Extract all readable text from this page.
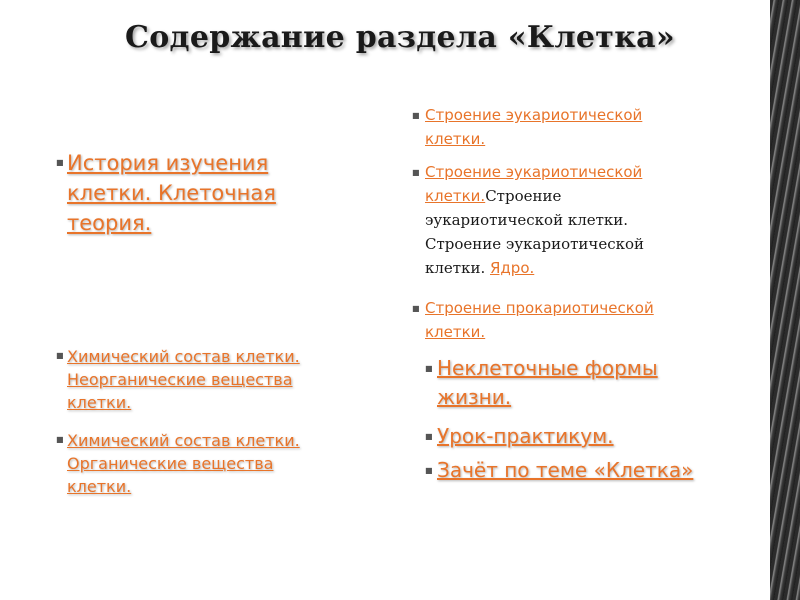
Содержание раздела «Клетка»
■ История изучения
клетки. Клеточная
теория.
■ Химический состав клетки.
Неорганические вещества
клетки.
■ Химический состав клетки.
Органические вещества
клетки.
■ Строение эукариотической
клетки.
■ Строение эукариотической
клетки.Строение
эукариотической клетки.
Строение эукариотической
клетки. Ядро.
■ Строение прокариотической
клетки.
■ Неклеточные формы
жизни.
■ Урок-практикум.
■ Зачёт по теме «Клетка»
